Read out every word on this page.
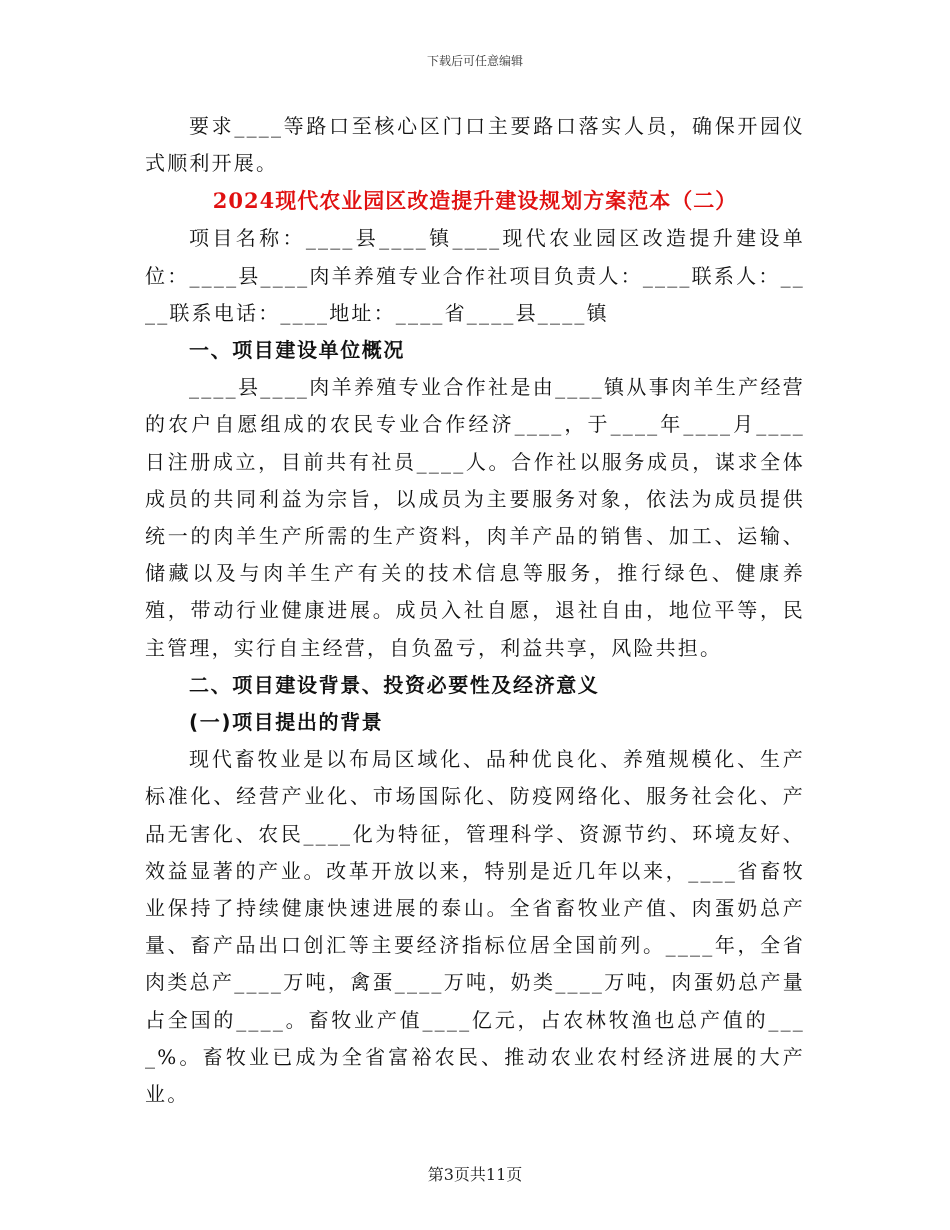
下载后可任意编辑

要求____等路口至核心区门口主要路口落实人员，确保开园仪式顺利开展。

2024现代农业园区改造提升建设规划方案范本（二）

项目名称：____县____镇____现代农业园区改造提升建设单位：____县____肉羊养殖专业合作社项目负责人：____联系人：____联系电话：____地址：____省____县____镇

一、项目建设单位概况

____县____肉羊养殖专业合作社是由____镇从事肉羊生产经营的农户自愿组成的农民专业合作经济____，于____年____月____日注册成立，目前共有社员____人。合作社以服务成员，谋求全体成员的共同利益为宗旨，以成员为主要服务对象，依法为成员提供统一的肉羊生产所需的生产资料，肉羊产品的销售、加工、运输、储藏以及与肉羊生产有关的技术信息等服务，推行绿色、健康养殖，带动行业健康进展。成员入社自愿，退社自由，地位平等，民主管理，实行自主经营，自负盈亏，利益共享，风险共担。

二、项目建设背景、投资必要性及经济意义

(一)项目提出的背景

现代畜牧业是以布局区域化、品种优良化、养殖规模化、生产标准化、经营产业化、市场国际化、防疫网络化、服务社会化、产品无害化、农民____化为特征，管理科学、资源节约、环境友好、效益显著的产业。改革开放以来，特别是近几年以来，____省畜牧业保持了持续健康快速进展的泰山。全省畜牧业产值、肉蛋奶总产量、畜产品出口创汇等主要经济指标位居全国前列。____年，全省肉类总产____万吨，禽蛋____万吨，奶类____万吨，肉蛋奶总产量占全国的____。畜牧业产值____亿元，占农林牧渔也总产值的____%。畜牧业已成为全省富裕农民、推动农业农村经济进展的大产业。

第3页共11页
